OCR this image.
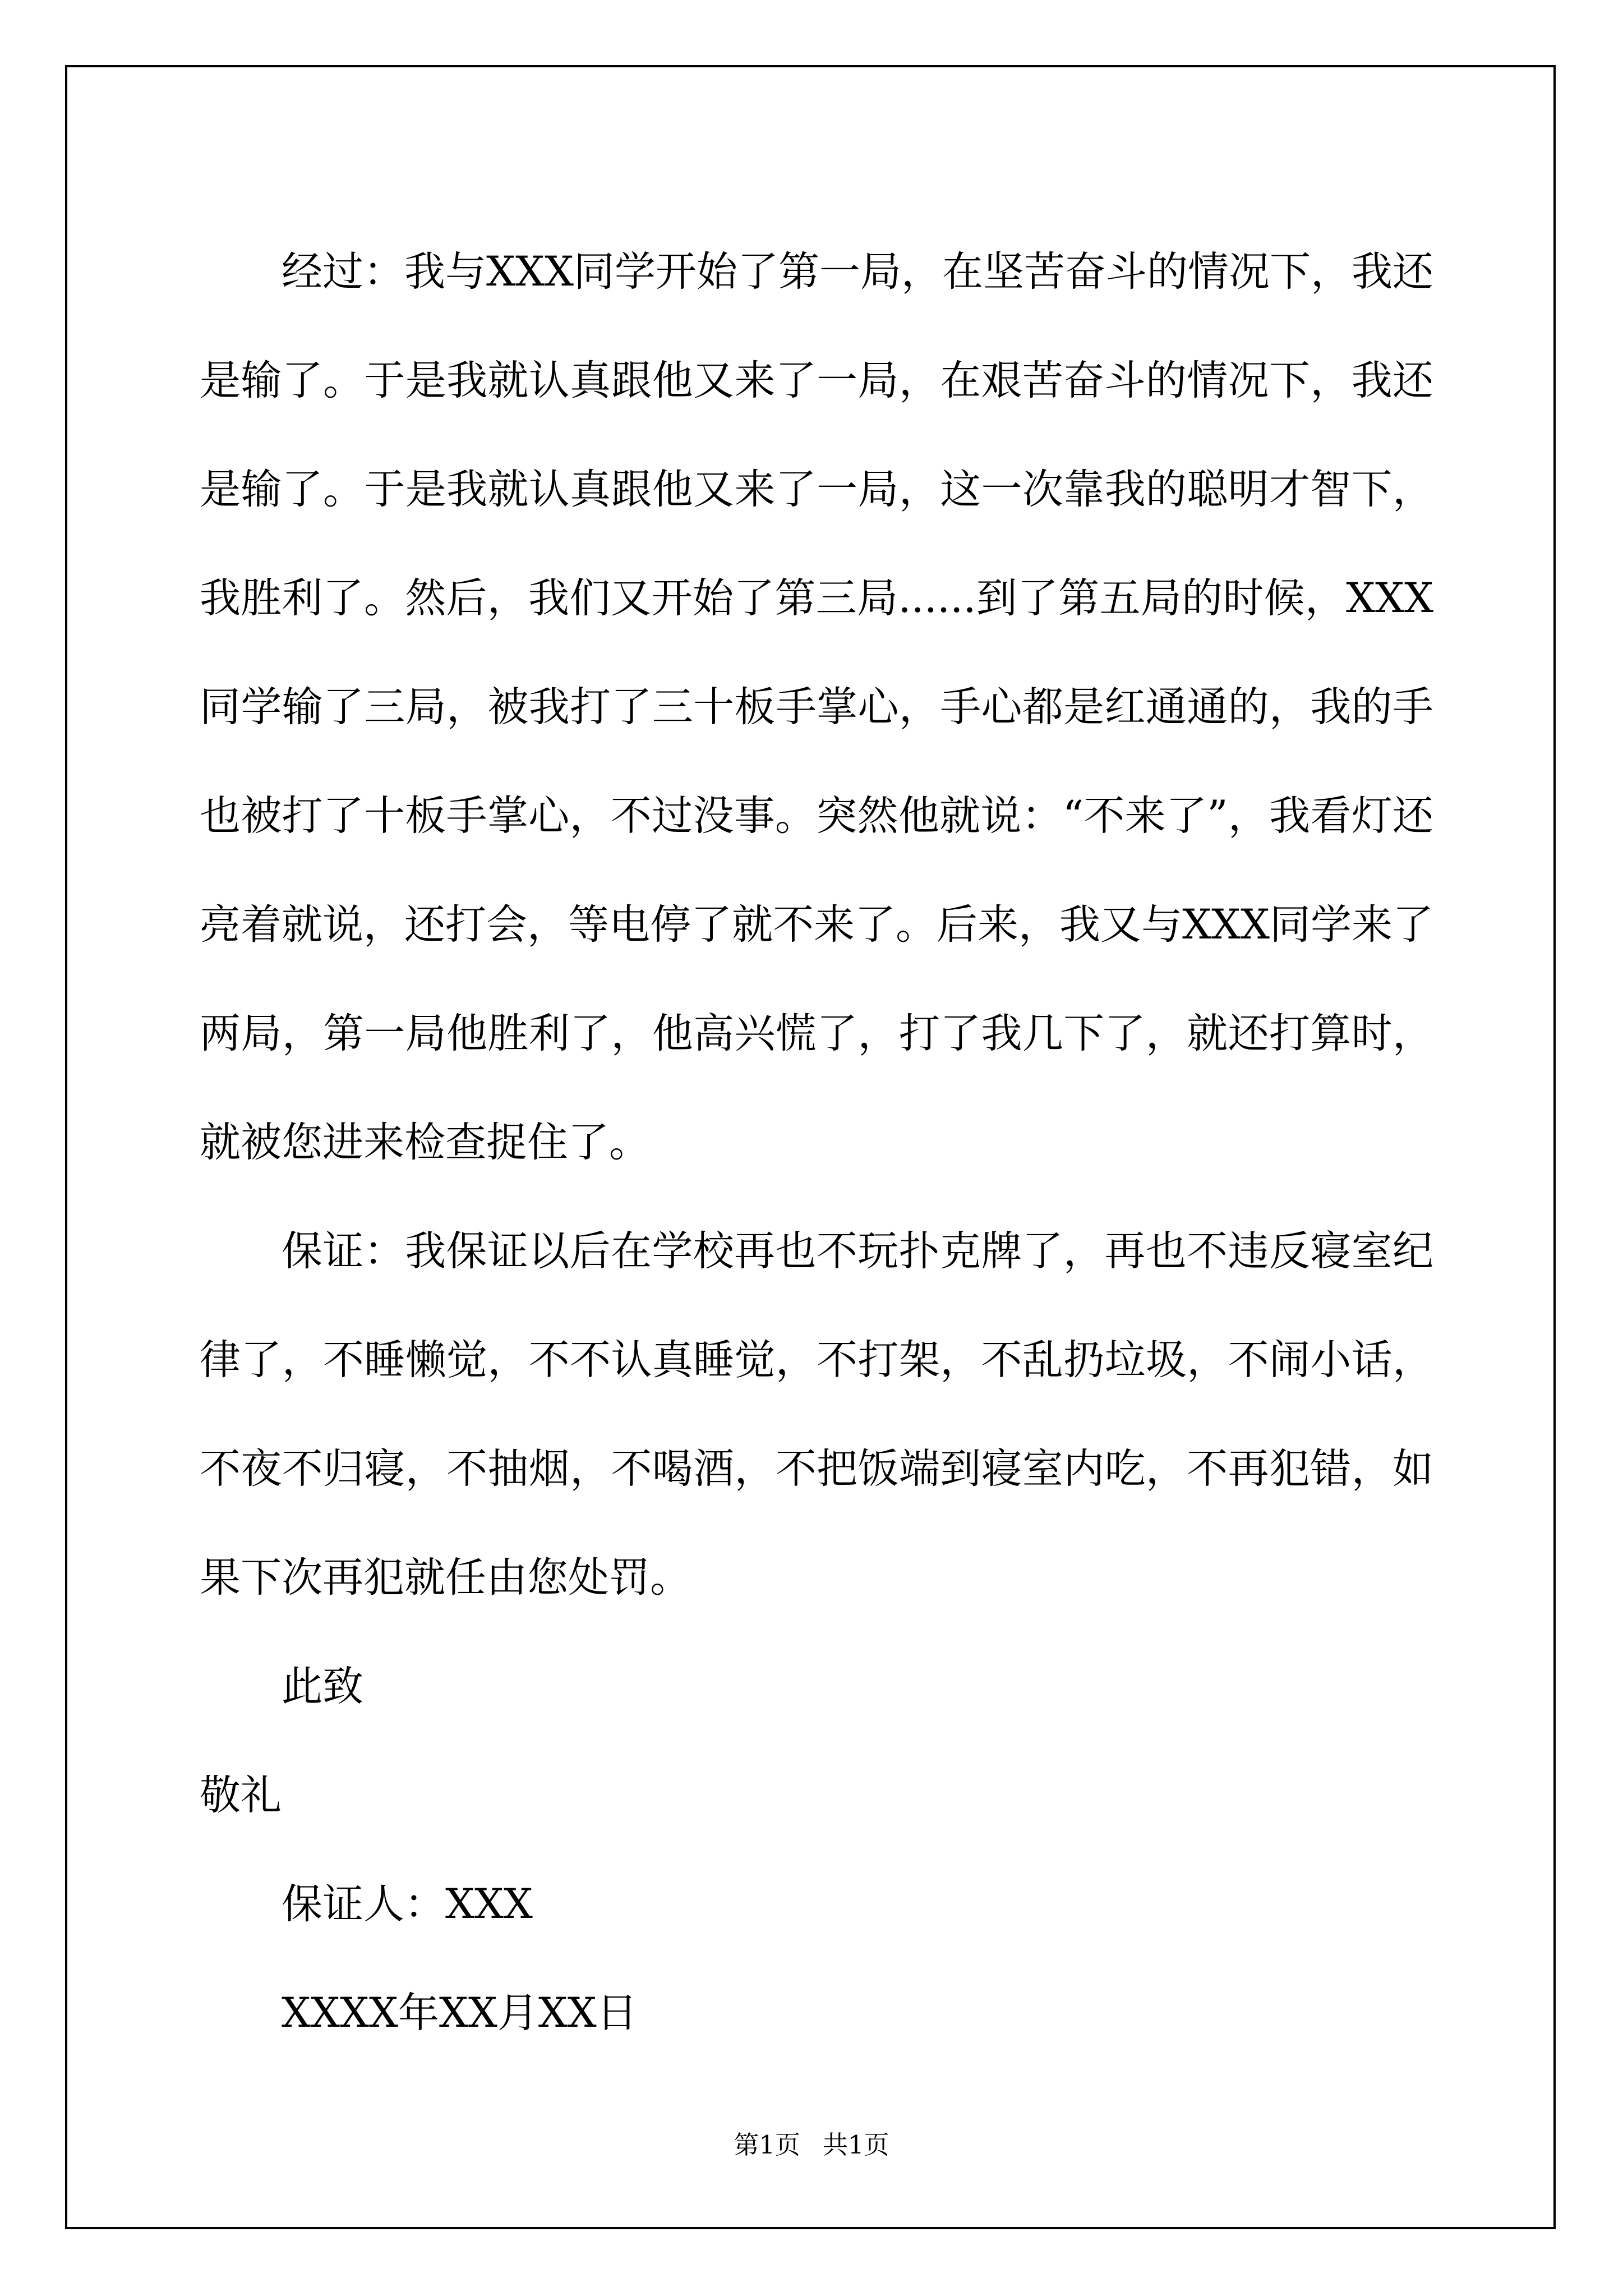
经过：我与XXX同学开始了第一局，在坚苦奋斗的情况下，我还是输了。于是我就认真跟他又来了一局，在艰苦奋斗的情况下，我还是输了。于是我就认真跟他又来了一局，这一次靠我的聪明才智下，我胜利了。然后，我们又开始了第三局......到了第五局的时候，XXX同学输了三局，被我打了三十板手掌心，手心都是红通通的，我的手也被打了十板手掌心，不过没事。突然他就说：“不来了”，我看灯还亮着就说，还打会，等电停了就不来了。后来，我又与XXX同学来了两局，第一局他胜利了，他高兴慌了，打了我几下了，就还打算时，就被您进来检查捉住了。

保证：我保证以后在学校再也不玩扑克牌了，再也不违反寝室纪律了，不睡懒觉，不不认真睡觉，不打架，不乱扔垃圾，不闹小话，不夜不归寝，不抽烟，不喝酒，不把饭端到寝室内吃，不再犯错，如果下次再犯就任由您处罚。

此致

敬礼

保证人：XXX

XXXX年XX月XX日

第1页 共1页
